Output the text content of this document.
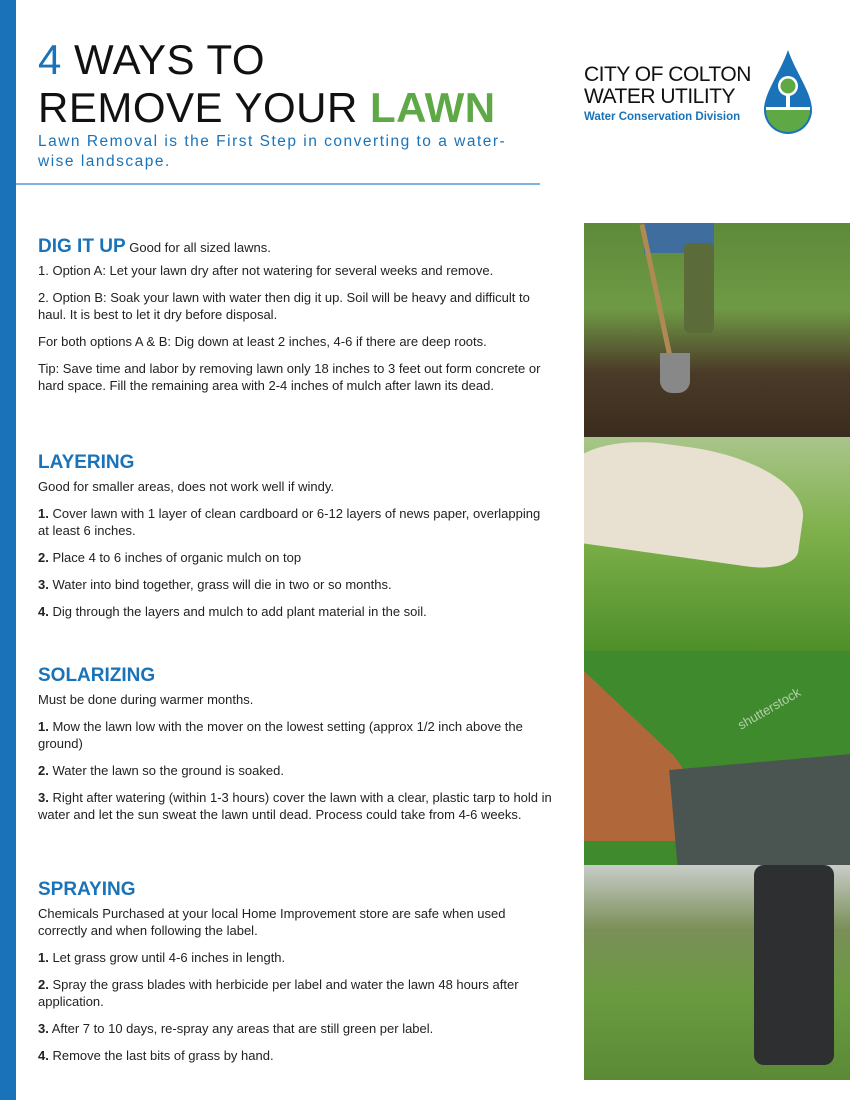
4 WAYS TO
REMOVE YOUR LAWN
Lawn Removal is the First Step in converting to a water-wise landscape.
CITY OF COLTON
WATER UTILITY
Water Conservation Division
DIG IT UP Good for all sized lawns.

1. Option A: Let your lawn dry after not watering for several weeks and remove.

2. Option B: Soak your lawn with water then dig it up. Soil will be heavy and difficult to haul. It is best to let it dry before disposal.

For both options A & B: Dig down at least 2 inches, 4-6 if there are deep roots.

Tip: Save time and labor by removing lawn only 18 inches to 3 feet out form concrete or hard space. Fill the remaining area with 2-4 inches of mulch after lawn its dead.

LAYERING

Good for smaller areas, does not work well if windy.

1. Cover lawn with 1 layer of clean cardboard or 6-12 layers of news paper, overlapping at least 6 inches.

2. Place 4 to 6 inches of organic mulch on top

3. Water into bind together, grass will die in two or so months.

4. Dig through the layers and mulch to add plant material in the soil.

SOLARIZING

Must be done during warmer months.

1. Mow the lawn low with the mover on the lowest setting (approx 1/2 inch above the ground)

2. Water the lawn so the ground is soaked.

3. Right after watering (within 1-3 hours) cover the lawn with a clear, plastic tarp to hold in water and let the sun sweat the lawn until dead. Process could take from 4-6 weeks.

SPRAYING

Chemicals Purchased at your local Home Improvement store are safe when used correctly and when following the label.

1. Let grass grow until 4-6 inches in length.

2. Spray the grass blades with herbicide per label and water the lawn 48 hours after application.

3. After 7 to 10 days, re-spray any areas that are still green per label.

4. Remove the last bits of grass by hand.

shutterstock
